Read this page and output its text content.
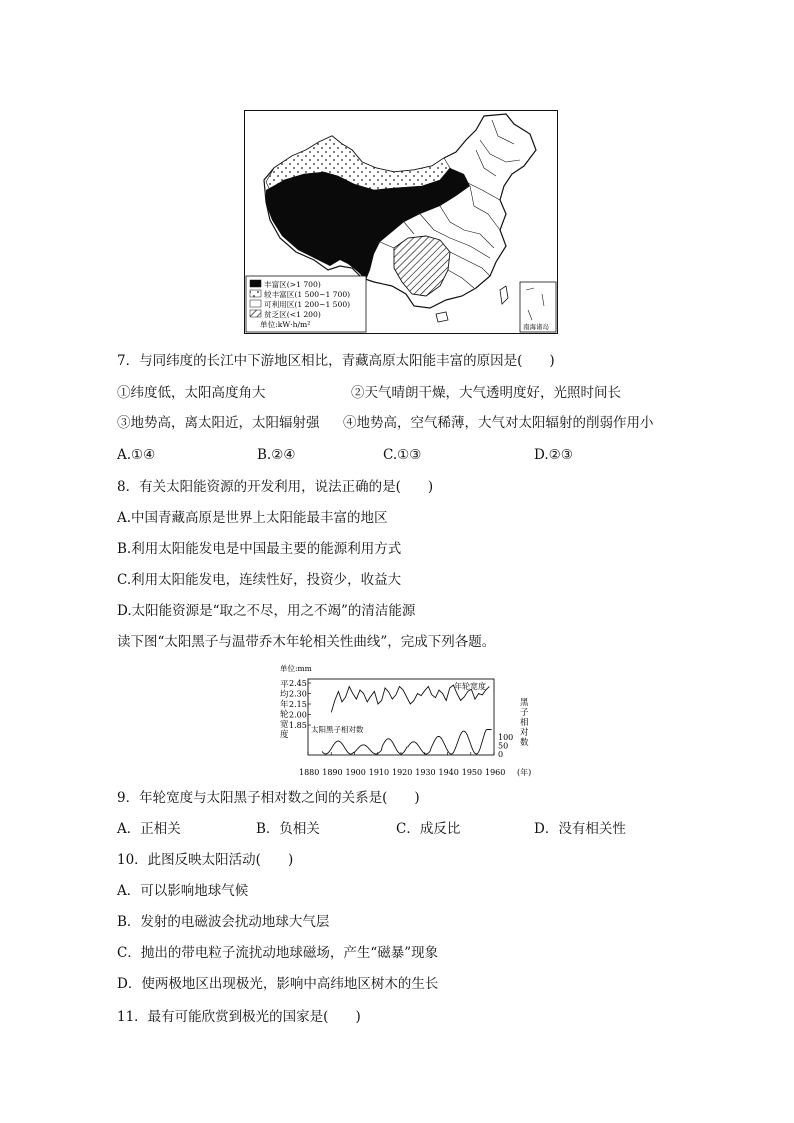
丰富区(>1 700)
较丰富区(1 500~1 700)
可利用区(1 200~1 500)
贫乏区(<1 200)
单位:kW·h/m²	南海诸岛
7．与同纬度的长江中下游地区相比，青藏高原太阳能丰富的原因是(　　)
①纬度低，太阳高度角大	②天气晴朗干燥，大气透明度好，光照时间长
③地势高，离太阳近，太阳辐射强 ④地势高，空气稀薄，大气对太阳辐射的削弱作用小
A.①④	B.②④	C.①③	D.②③
8．有关太阳能资源的开发利用，说法正确的是(　　)
A.中国青藏高原是世界上太阳能最丰富的地区
B.利用太阳能发电是中国最主要的能源利用方式
C.利用太阳能发电，连续性好，投资少，收益大
D.太阳能资源是“取之不尽，用之不竭”的清洁能源
读下图“太阳黑子与温带乔木年轮相关性曲线”，完成下列各题。
单位:mm
平
均
年
轮
宽
度
2.45
2.30
2.15
2.00
1.85
黑
子
相
对
数
100
50
0
1880 1890 1900 1910 1920 1930 1940 1950 1960
年轮宽度
太阳黑子相对数
(年)
9．年轮宽度与太阳黑子相对数之间的关系是(　　)
A．正相关	B．负相关	C．成反比	D．没有相关性
10．此图反映太阳活动(　　)
A．可以影响地球气候
B．发射的电磁波会扰动地球大气层
C．抛出的带电粒子流扰动地球磁场，产生“磁暴”现象
D．使两极地区出现极光，影响中高纬地区树木的生长
11．最有可能欣赏到极光的国家是(　　)
